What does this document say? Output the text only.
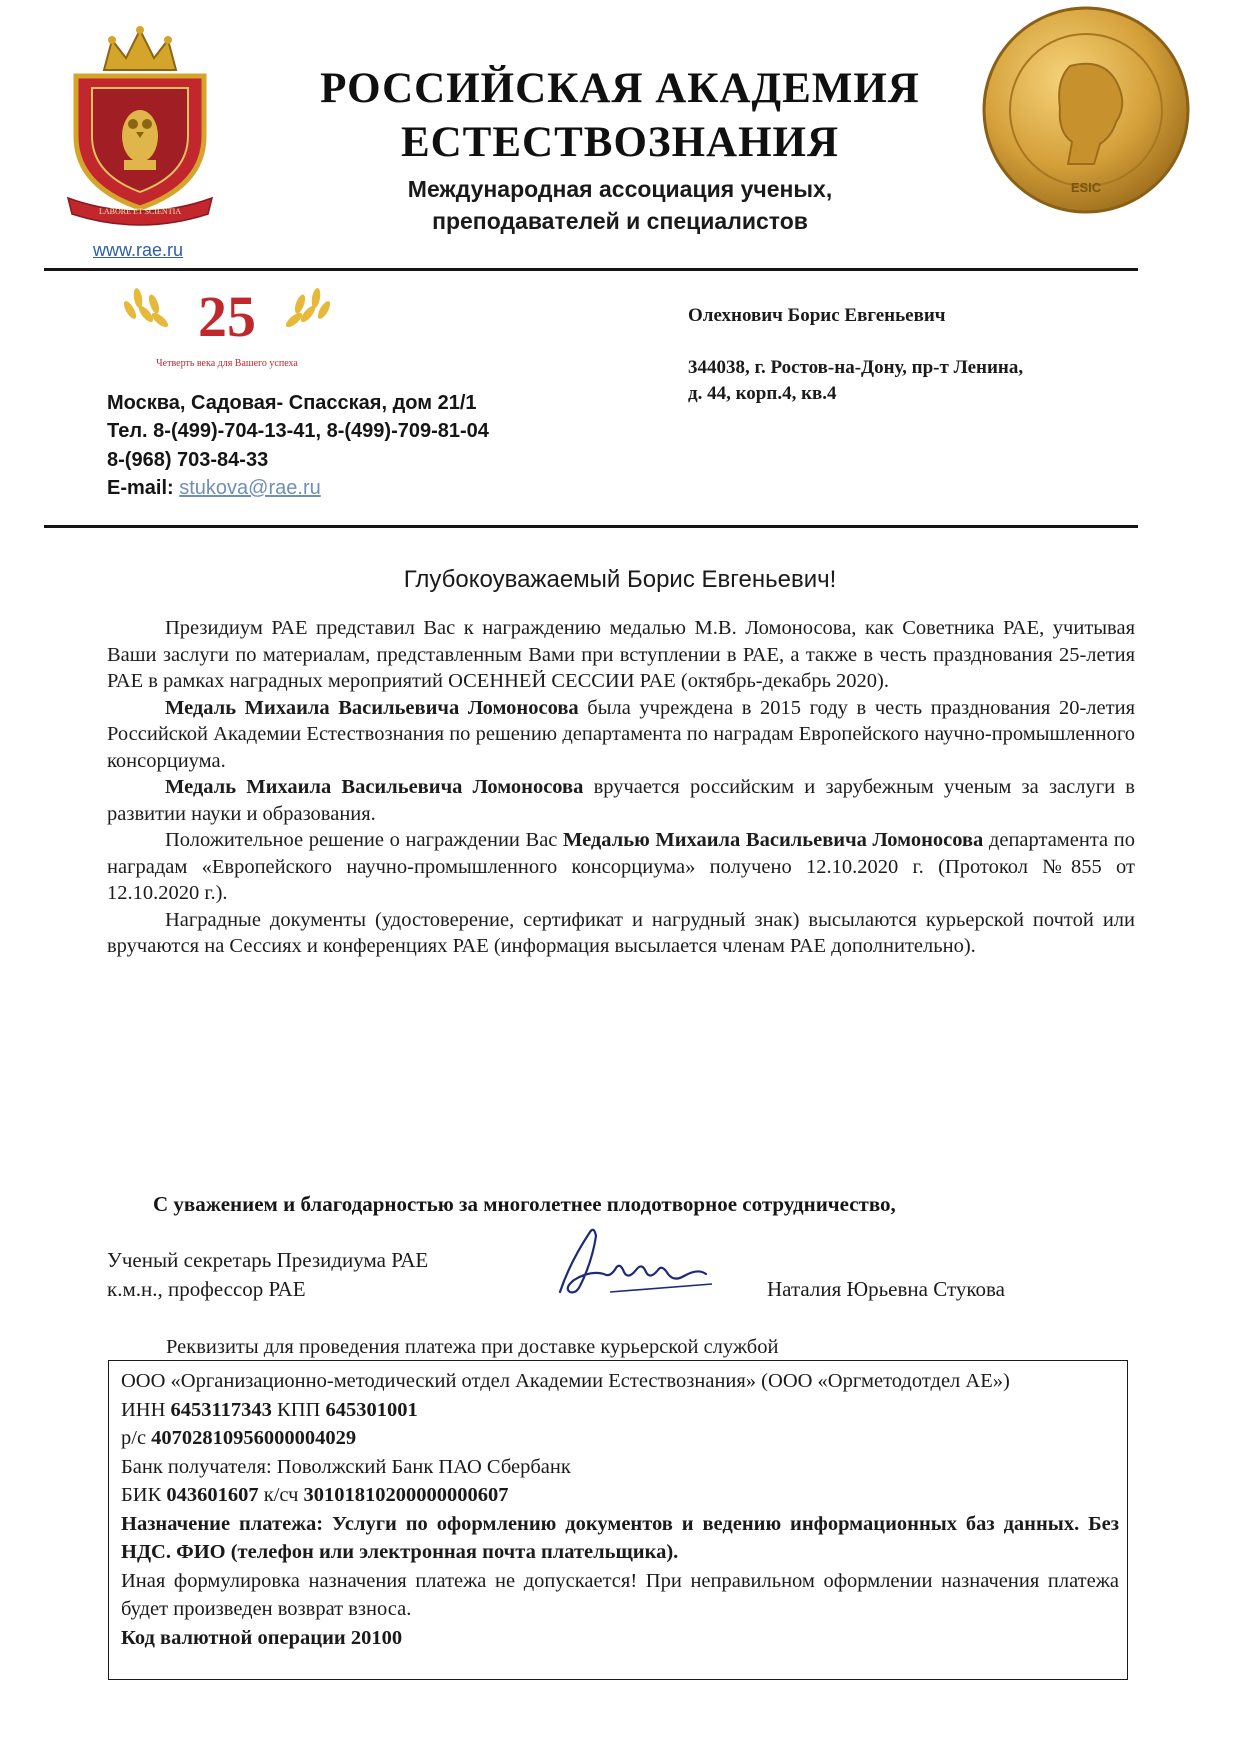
LABORE ET SCIENTIA
РОССИЙСКАЯ АКАДЕМИЯ
ЕСТЕСТВОЗНАНИЯ
Международная ассоциация ученых,
преподавателей и специалистов
ESIC
www.rae.ru
25
Четверть века для Вашего успеха
Москва, Садовая- Спасская, дом 21/1
Тел. 8-(499)-704-13-41, 8-(499)-709-81-04
8-(968) 703-84-33
E-mail: stukova@rae.ru
Олехнович Борис Евгеньевич
344038, г. Ростов-на-Дону, пр-т Ленина,
д. 44, корп.4, кв.4
Глубокоуважаемый Борис Евгеньевич!

Президиум РАЕ представил Вас к награждению медалью М.В. Ломоносова, как Советника РАЕ, учитывая Ваши заслуги по материалам, представленным Вами при вступлении в РАЕ, а также в честь празднования 25-летия РАЕ в рамках наградных мероприятий ОСЕННЕЙ СЕССИИ РАЕ (октябрь-декабрь 2020).

Медаль Михаила Васильевича Ломоносова была учреждена в 2015 году в честь празднования 20-летия Российской Академии Естествознания по решению департамента по наградам Европейского научно-промышленного консорциума.

Медаль Михаила Васильевича Ломоносова вручается российским и зарубежным ученым за заслуги в развитии науки и образования.

Положительное решение о награждении Вас Медалью Михаила Васильевича Ломоносова департамента по наградам «Европейского научно-промышленного консорциума» получено 12.10.2020 г. (Протокол №855 от 12.10.2020 г.).

Наградные документы (удостоверение, сертификат и нагрудный знак) высылаются курьерской почтой или вручаются на Сессиях и конференциях РАЕ (информация высылается членам РАЕ дополнительно).

С уважением и благодарностью за многолетнее плодотворное сотрудничество,
Ученый секретарь Президиума РАЕ
к.м.н., профессор РАЕ	Наталия Юрьевна Стукова
Реквизиты для проведения платежа при доставке курьерской службой
ООО «Организационно-методический отдел Академии Естествознания» (ООО «Оргметодотдел АЕ»)
ИНН 6453117343 КПП 645301001
р/с 40702810956000004029
Банк получателя: Поволжский Банк ПАО Сбербанк
БИК 043601607 к/сч 30101810200000000607
Назначение платежа: Услуги по оформлению документов и ведению информационных баз данных. Без НДС. ФИО (телефон или электронная почта плательщика).
Иная формулировка назначения платежа не допускается! При неправильном оформлении назначения платежа будет произведен возврат взноса.
Код валютной операции 20100
